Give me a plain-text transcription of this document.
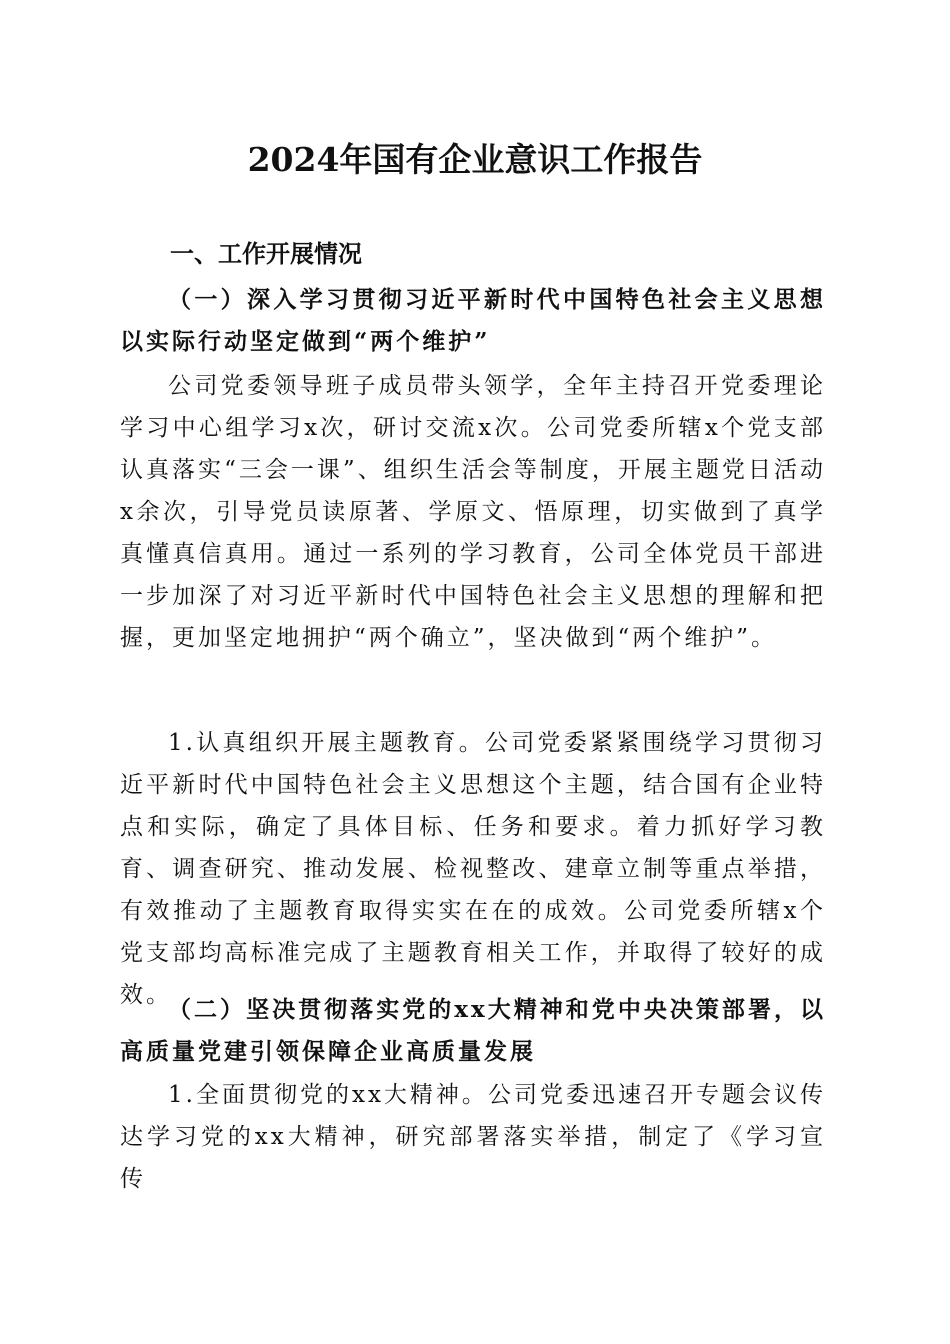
2024年国有企业意识工作报告
一、工作开展情况

（一）深入学习贯彻习近平新时代中国特色社会主义思想以实际行动坚定做到“两个维护”

公司党委领导班子成员带头领学，全年主持召开党委理论学习中心组学习x次，研讨交流x次。公司党委所辖x个党支部认真落实“三会一课”、组织生活会等制度，开展主题党日活动x余次，引导党员读原著、学原文、悟原理，切实做到了真学真懂真信真用。通过一系列的学习教育，公司全体党员干部进一步加深了对习近平新时代中国特色社会主义思想的理解和把握，更加坚定地拥护“两个确立”，坚决做到“两个维护”。

1.认真组织开展主题教育。公司党委紧紧围绕学习贯彻习近平新时代中国特色社会主义思想这个主题，结合国有企业特点和实际，确定了具体目标、任务和要求。着力抓好学习教育、调查研究、推动发展、检视整改、建章立制等重点举措，有效推动了主题教育取得实实在在的成效。公司党委所辖x个党支部均高标准完成了主题教育相关工作，并取得了较好的成效。

（二）坚决贯彻落实党的xx大精神和党中央决策部署，以高质量党建引领保障企业高质量发展

1.全面贯彻党的xx大精神。公司党委迅速召开专题会议传达学习党的xx大精神，研究部署落实举措，制定了《学习宣传
